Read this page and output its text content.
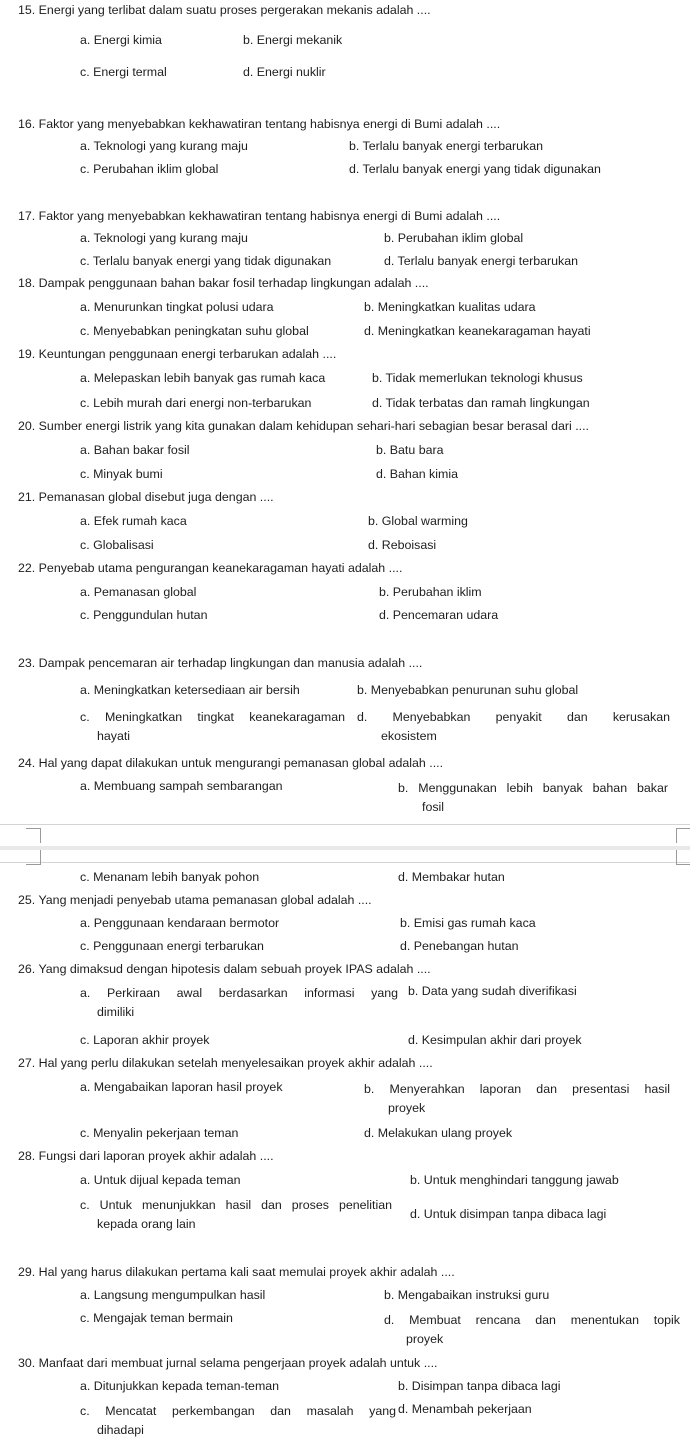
15. Energi yang terlibat dalam suatu proses pergerakan mekanis adalah ....
a. Energi kimia	b. Energi mekanik
c. Energi termal	d. Energi nuklir
16. Faktor yang menyebabkan kekhawatiran tentang habisnya energi di Bumi adalah ....
a. Teknologi yang kurang maju	b. Terlalu banyak energi terbarukan
c. Perubahan iklim global	d. Terlalu banyak energi yang tidak digunakan
17. Faktor yang menyebabkan kekhawatiran tentang habisnya energi di Bumi adalah ....
a. Teknologi yang kurang maju	b. Perubahan iklim global
c. Terlalu banyak energi yang tidak digunakan	d. Terlalu banyak energi terbarukan
18. Dampak penggunaan bahan bakar fosil terhadap lingkungan adalah ....
a. Menurunkan tingkat polusi udara	b. Meningkatkan kualitas udara
c. Menyebabkan peningkatan suhu global	d. Meningkatkan keanekaragaman hayati
19. Keuntungan penggunaan energi terbarukan adalah ....
a. Melepaskan lebih banyak gas rumah kaca	b. Tidak memerlukan teknologi khusus
c. Lebih murah dari energi non-terbarukan	d. Tidak terbatas dan ramah lingkungan
20. Sumber energi listrik yang kita gunakan dalam kehidupan sehari-hari sebagian besar berasal dari ....
a. Bahan bakar fosil	b. Batu bara
c. Minyak bumi	d. Bahan kimia
21. Pemanasan global disebut juga dengan ....
a. Efek rumah kaca	b. Global warming
c. Globalisasi	d. Reboisasi
22. Penyebab utama pengurangan keanekaragaman hayati adalah ....
a. Pemanasan global	b. Perubahan iklim
c. Penggundulan hutan	d. Pencemaran udara
23. Dampak pencemaran air terhadap lingkungan dan manusia adalah ....
a. Meningkatkan ketersediaan air bersih	b. Menyebabkan penurunan suhu global
c. Meningkatkan tingkat keanekaragaman
hayati
d. Menyebabkan penyakit dan kerusakan
ekosistem
24. Hal yang dapat dilakukan untuk mengurangi pemanasan global adalah ....
a. Membuang sampah sembarangan	b. Menggunakan lebih banyak bahan bakar
fosil
c. Menanam lebih banyak pohon	d. Membakar hutan
25. Yang menjadi penyebab utama pemanasan global adalah ....
a. Penggunaan kendaraan bermotor	b. Emisi gas rumah kaca
c. Penggunaan energi terbarukan	d. Penebangan hutan
26. Yang dimaksud dengan hipotesis dalam sebuah proyek IPAS adalah ....
a. Perkiraan awal berdasarkan informasi yang
dimiliki
b. Data yang sudah diverifikasi
c. Laporan akhir proyek	d. Kesimpulan akhir dari proyek
27. Hal yang perlu dilakukan setelah menyelesaikan proyek akhir adalah ....
a. Mengabaikan laporan hasil proyek	b. Menyerahkan laporan dan presentasi hasil
proyek
c. Menyalin pekerjaan teman	d. Melakukan ulang proyek
28. Fungsi dari laporan proyek akhir adalah ....
a. Untuk dijual kepada teman	b. Untuk menghindari tanggung jawab
c. Untuk menunjukkan hasil dan proses penelitian
kepada orang lain
d. Untuk disimpan tanpa dibaca lagi
29. Hal yang harus dilakukan pertama kali saat memulai proyek akhir adalah ....
a. Langsung mengumpulkan hasil	b. Mengabaikan instruksi guru
c. Mengajak teman bermain	d. Membuat rencana dan menentukan topik
proyek
30. Manfaat dari membuat jurnal selama pengerjaan proyek adalah untuk ....
a. Ditunjukkan kepada teman-teman	b. Disimpan tanpa dibaca lagi
c. Mencatat perkembangan dan masalah yang
dihadapi
d. Menambah pekerjaan
